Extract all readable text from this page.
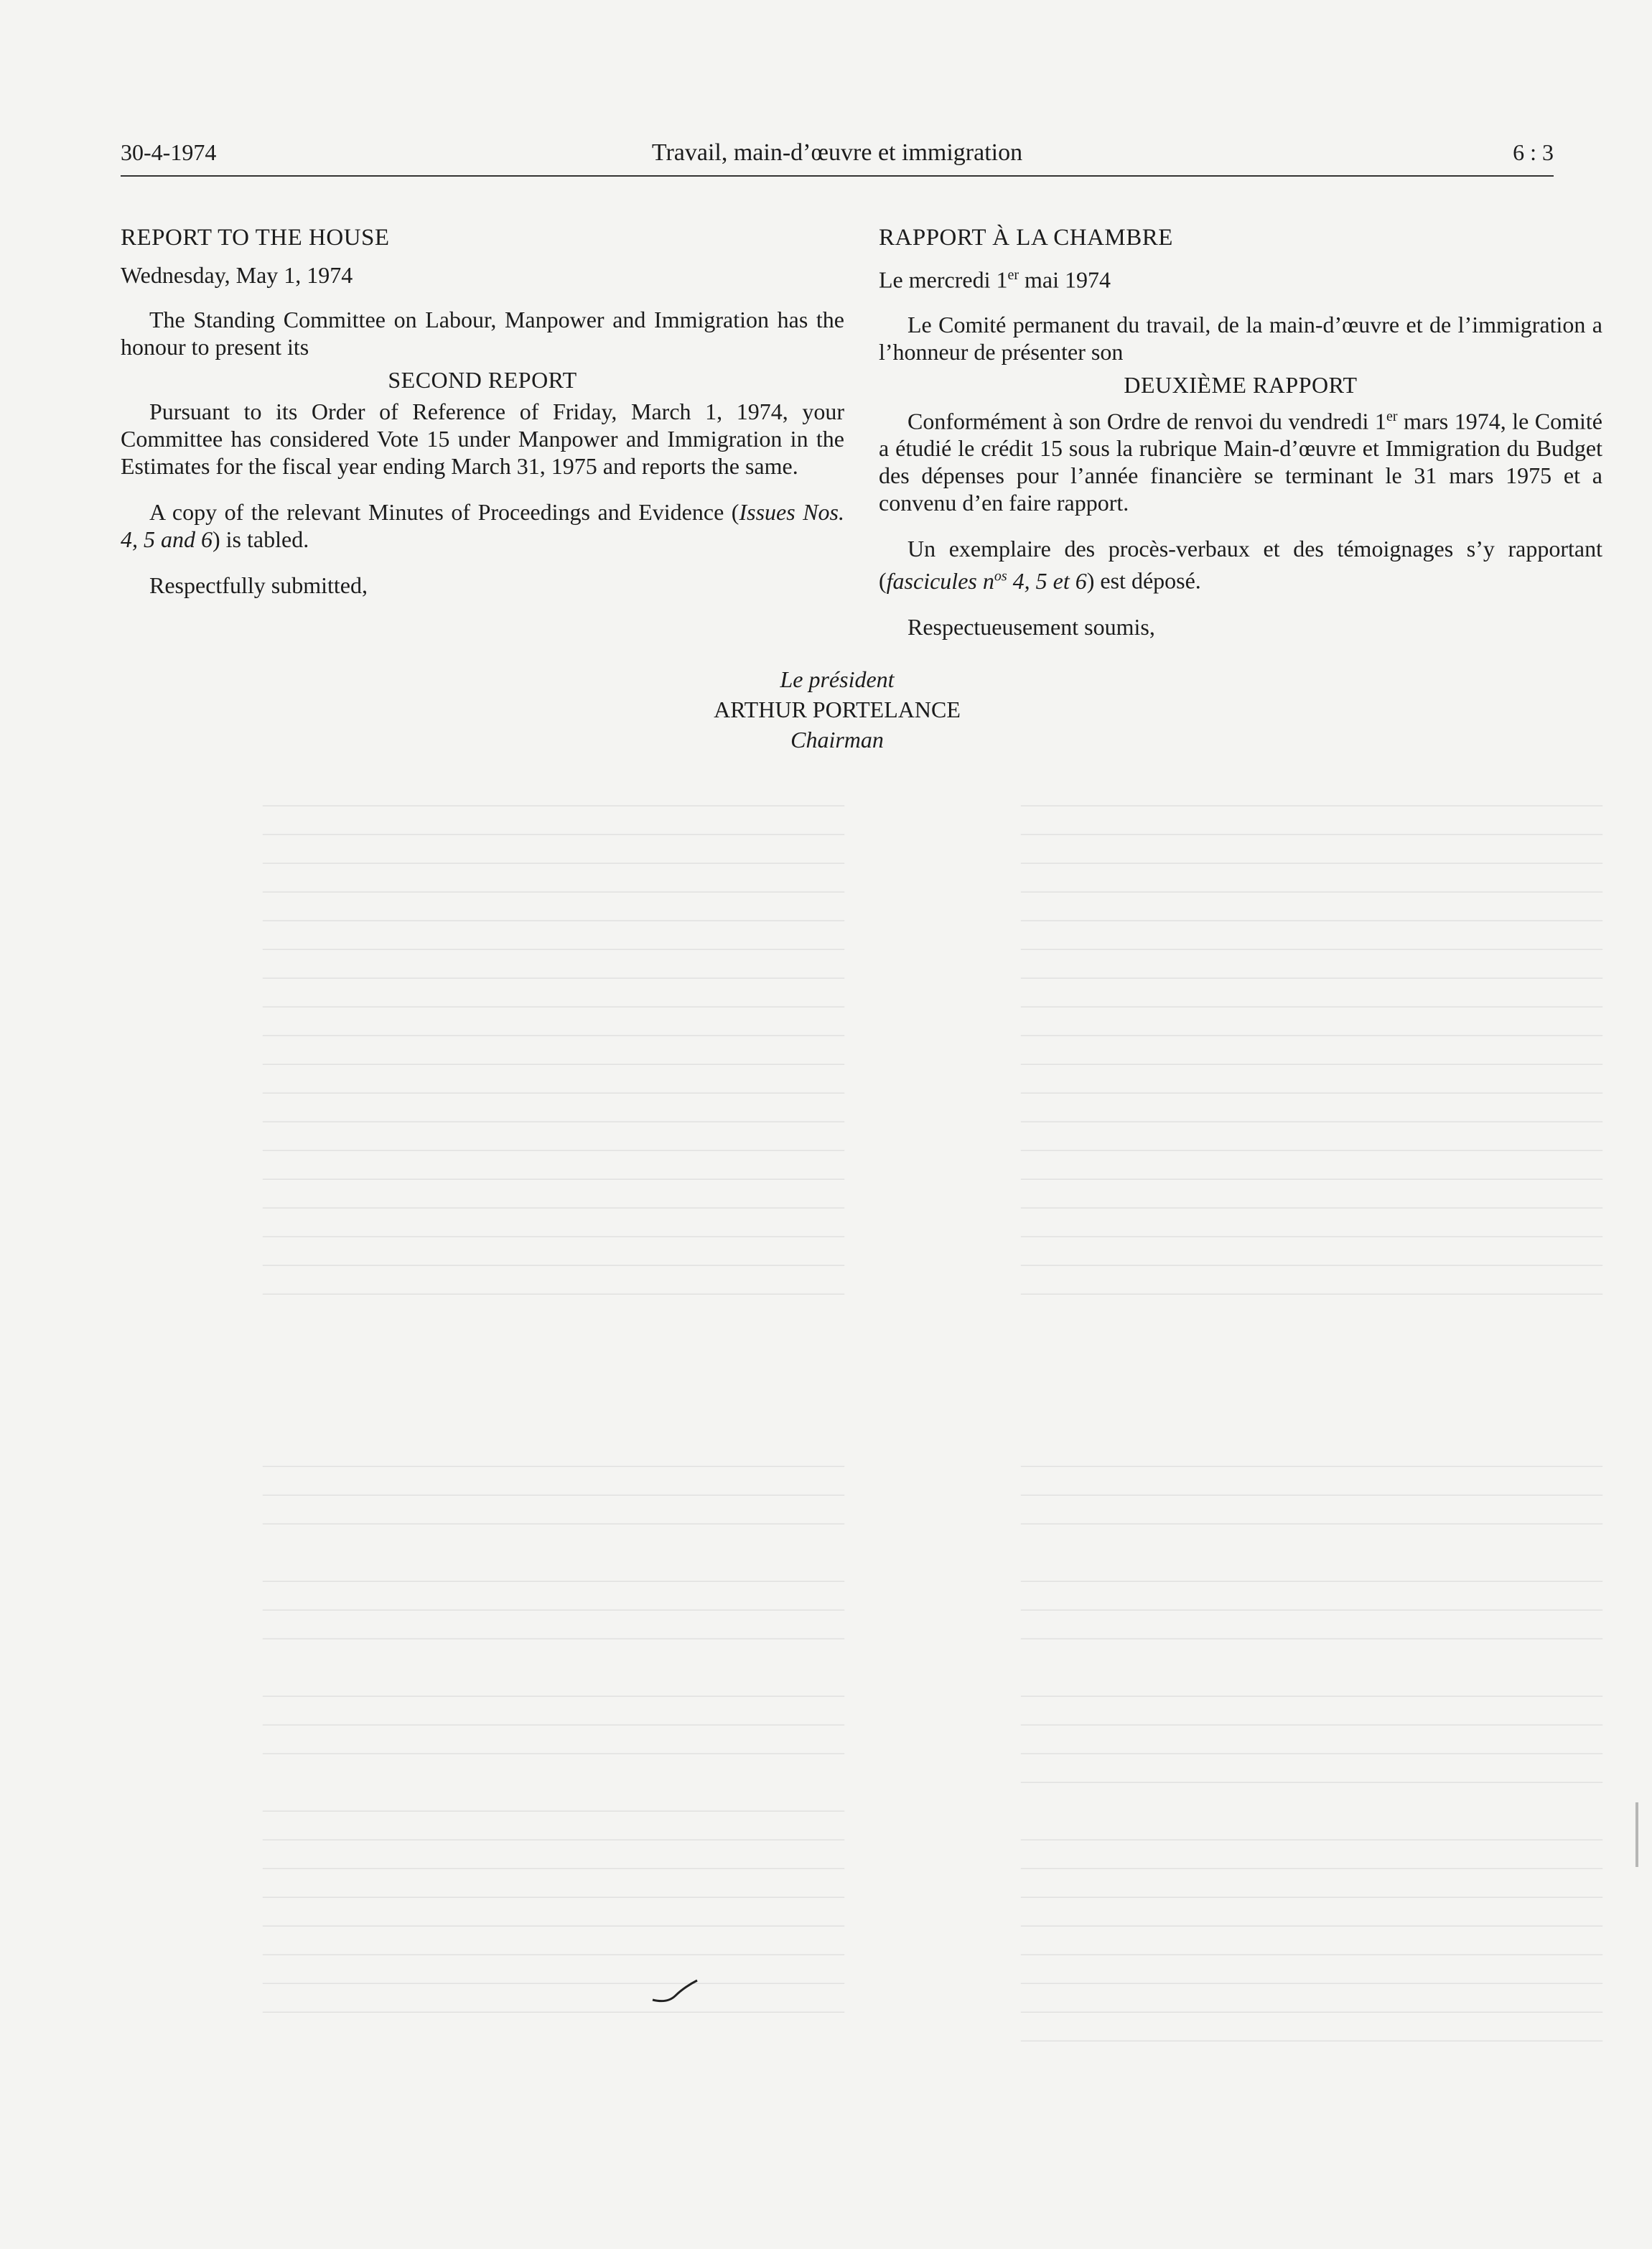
30-4-1974	Travail, main-d’œuvre et immigration	6 : 3
———————————————————————————
———————————————————————————
———————————————————————————
———————————————————————————
———————————————————————————
———————————————————————————
———————————————————————————
———————————————————————————
———————————————————————————
———————————————————————————
———————————————————————————
———————————————————————————
———————————————————————————
———————————————————————————
———————————————————————————
———————————————————————————
———————————————————————————
———————————————————————————
———————————————————————————
———————————————————————————
———————————————————————————
———————————————————————————
———————————————————————————
———————————————————————————
———————————————————————————
———————————————————————————
———————————————————————————
———————————————————————————
———————————————————————————
———————————————————————————
———————————————————————————
———————————————————————————
———————————————————————————
———————————————————————————
———————————————————————————
———————————————————————————
———————————————————————————
———————————————————————————
———————————————————————————

———————————————————————————
———————————————————————————
———————————————————————————

———————————————————————————
———————————————————————————
———————————————————————————

———————————————————————————
———————————————————————————
———————————————————————————
———————————————————————————
———————————————————————————
———————————————————————————
———————————————————————————
———————————————————————————
———————————————————————————
———————————————————————————
———————————————————————————

———————————————————————————
———————————————————————————
———————————————————————————

———————————————————————————
———————————————————————————
———————————————————————————
———————————————————————————

———————————————————————————
———————————————————————————
———————————————————————————
———————————————————————————
———————————————————————————
———————————————————————————
———————————————————————————
———————————————————————————
REPORT TO THE HOUSE
Wednesday, May 1, 1974

The Standing Committee on Labour, Manpower and Immigration has the honour to present its

SECOND REPORT

Pursuant to its Order of Reference of Friday, March 1, 1974, your Committee has considered Vote 15 under Manpower and Immigration in the Estimates for the fiscal year ending March 31, 1975 and reports the same.

A copy of the relevant Minutes of Proceedings and Evidence (Issues Nos. 4, 5 and 6) is tabled.

Respectfully submitted,

RAPPORT À LA CHAMBRE
Le mercredi 1er mai 1974

Le Comité permanent du travail, de la main-d’œuvre et de l’immigration a l’honneur de présenter son

DEUXIÈME RAPPORT

Conformément à son Ordre de renvoi du vendredi 1er mars 1974, le Comité a étudié le crédit 15 sous la rubrique Main-d’œuvre et Immigration du Budget des dépenses pour l’année financière se terminant le 31 mars 1975 et a convenu d’en faire rapport.

Un exemplaire des procès-verbaux et des témoignages s’y rapportant (fascicules $n^{os}$ 4, 5 et 6) est déposé.

Respectueusement soumis,

Le président
ARTHUR PORTELANCE
Chairman
